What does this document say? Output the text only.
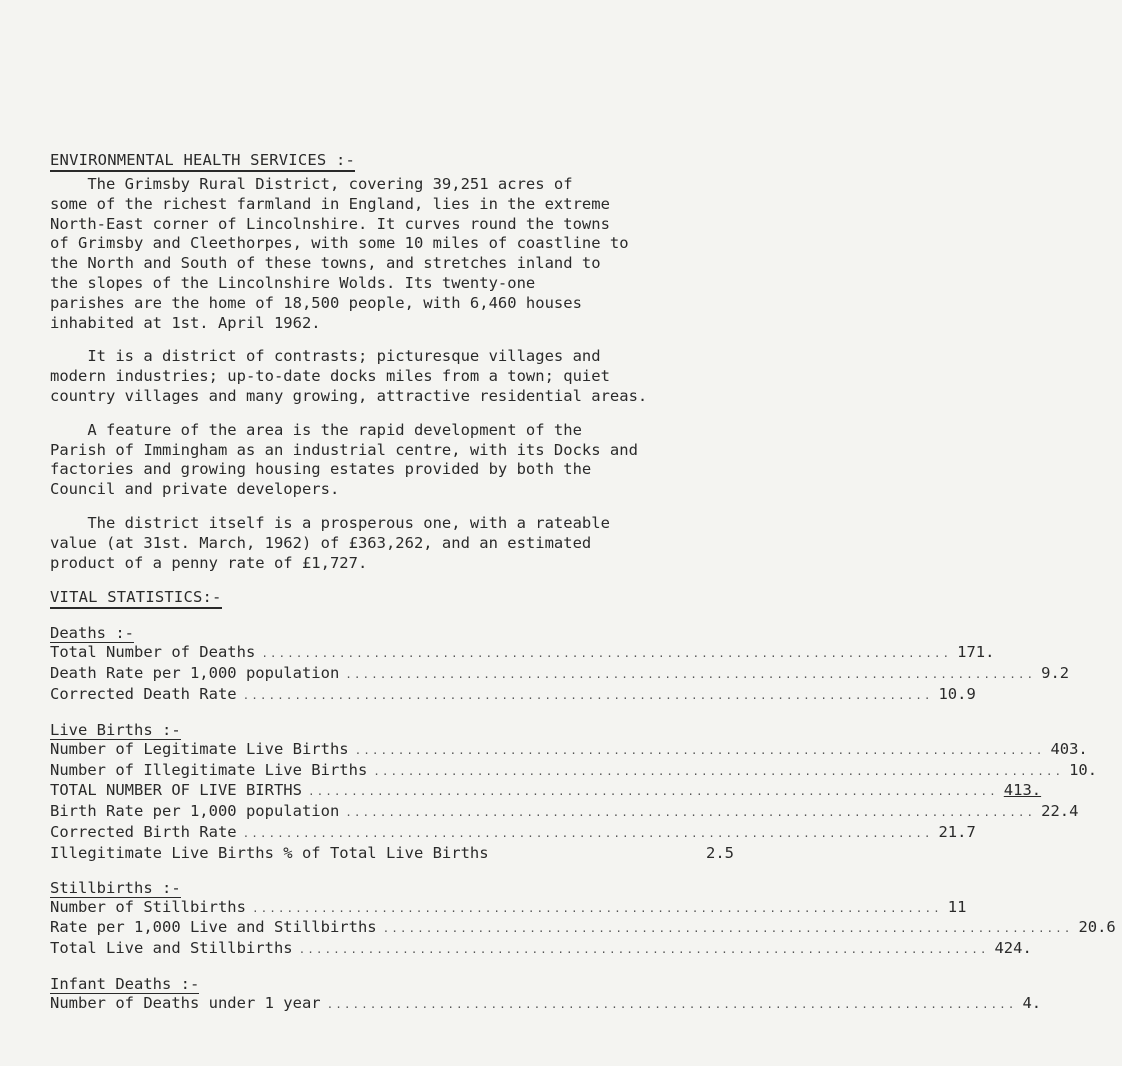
ENVIRONMENTAL HEALTH SERVICES :-

The Grimsby Rural District, covering 39,251 acres of
some of the richest farmland in England, lies in the extreme
North-East corner of Lincolnshire. It curves round the towns
of Grimsby and Cleethorpes, with some 10 miles of coastline to
the North and South of these towns, and stretches inland to
the slopes of the Lincolnshire Wolds. Its twenty-one
parishes are the home of 18,500 people, with 6,460 houses
inhabited at 1st. April 1962.

It is a district of contrasts; picturesque villages and
modern industries; up-to-date docks miles from a town; quiet
country villages and many growing, attractive residential areas.

A feature of the area is the rapid development of the
Parish of Immingham as an industrial centre, with its Docks and
factories and growing housing estates provided by both the
Council and private developers.

The district itself is a prosperous one, with a rateable
value (at 31st. March, 1962) of £363,262, and an estimated
product of a penny rate of £1,727.

VITAL STATISTICS:-
Deaths :-
Total Number of Deaths ................................................................................ 171.
Death Rate per 1,000 population ................................................................................ 9.2
Corrected Death Rate ................................................................................ 10.9
Live Births :-
Number of Legitimate Live Births ................................................................................ 403.
Number of Illegitimate Live Births ................................................................................ 10.
TOTAL NUMBER OF LIVE BIRTHS ................................................................................ 413.
Birth Rate per 1,000 population ................................................................................ 22.4
Corrected Birth Rate ................................................................................ 21.7
Illegitimate Live Births % of Total Live Births	2.5
Stillbirths :-
Number of Stillbirths ................................................................................ 11
Rate per 1,000 Live and Stillbirths ................................................................................ 20.6
Total Live and Stillbirths ................................................................................ 424.
Infant Deaths :-
Number of Deaths under 1 year ................................................................................ 4.
